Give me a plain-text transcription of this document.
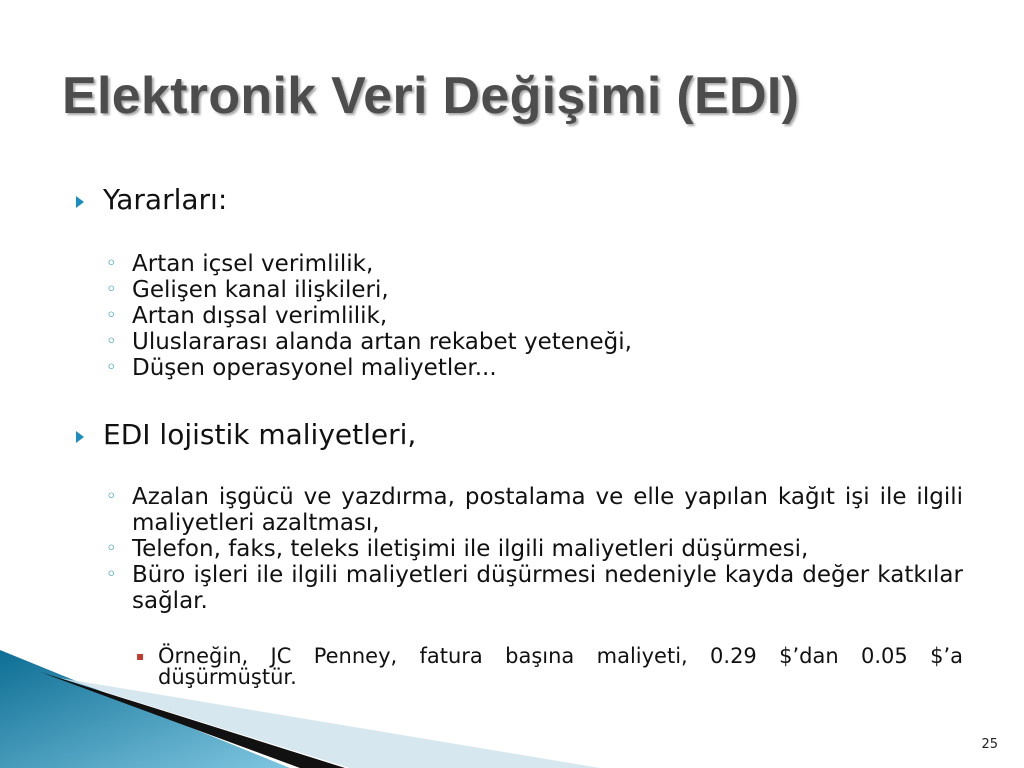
Elektronik Veri Değişimi (EDI)
Yararları:
◦ Artan içsel verimlilik,
◦ Gelişen kanal ilişkileri,
◦ Artan dışsal verimlilik,
◦ Uluslararası alanda artan rekabet yeteneği,
◦ Düşen operasyonel maliyetler...
EDI lojistik maliyetleri,
◦ Azalan işgücü ve yazdırma, postalama ve elle yapılan kağıt işi ile ilgili maliyetleri azaltması,
◦ Telefon, faks, teleks iletişimi ile ilgili maliyetleri düşürmesi,
◦ Büro işleri ile ilgili maliyetleri düşürmesi nedeniyle kayda değer katkılar sağlar.
▪ Örneğin, JC Penney, fatura başına maliyeti, 0.29 $’dan 0.05 $’a düşürmüştür.
25
